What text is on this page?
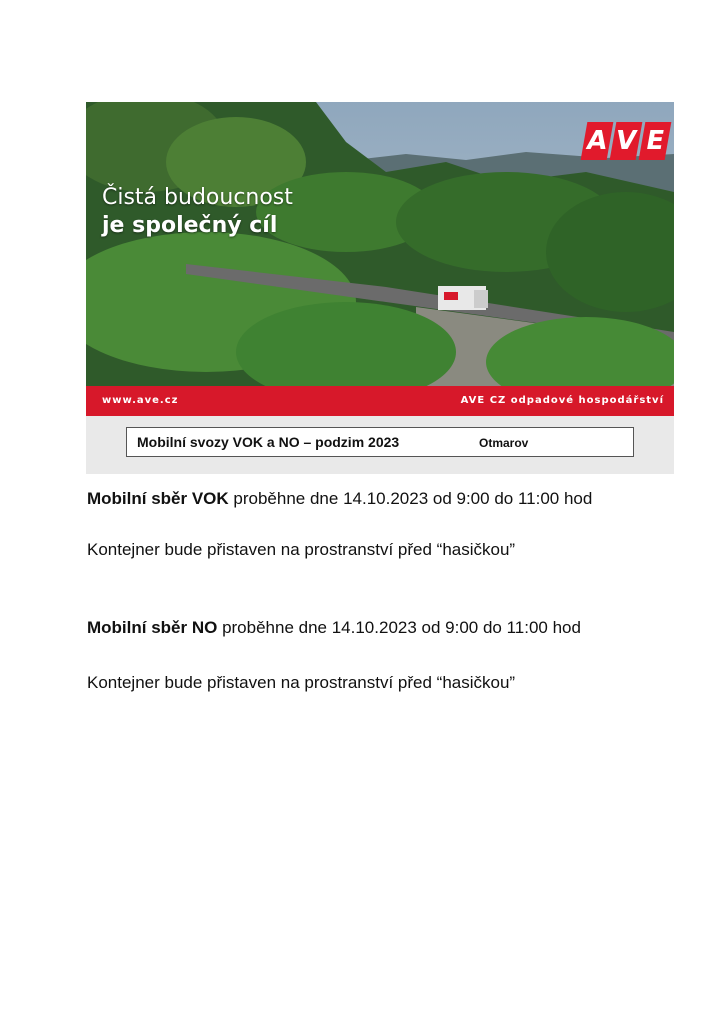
Čistá budoucnost
je společný cíl
A V E
www.ave.cz	AVE CZ odpadové hospodářství
Mobilní svozy VOK a NO – podzim 2023	Otmarov
Mobilní sběr VOK proběhne dne 14.10.2023 od 9:00 do 11:00 hod
Kontejner bude přistaven na prostranství před “hasičkou”
Mobilní sběr NO proběhne dne 14.10.2023 od 9:00 do 11:00 hod
Kontejner bude přistaven na prostranství před “hasičkou”
